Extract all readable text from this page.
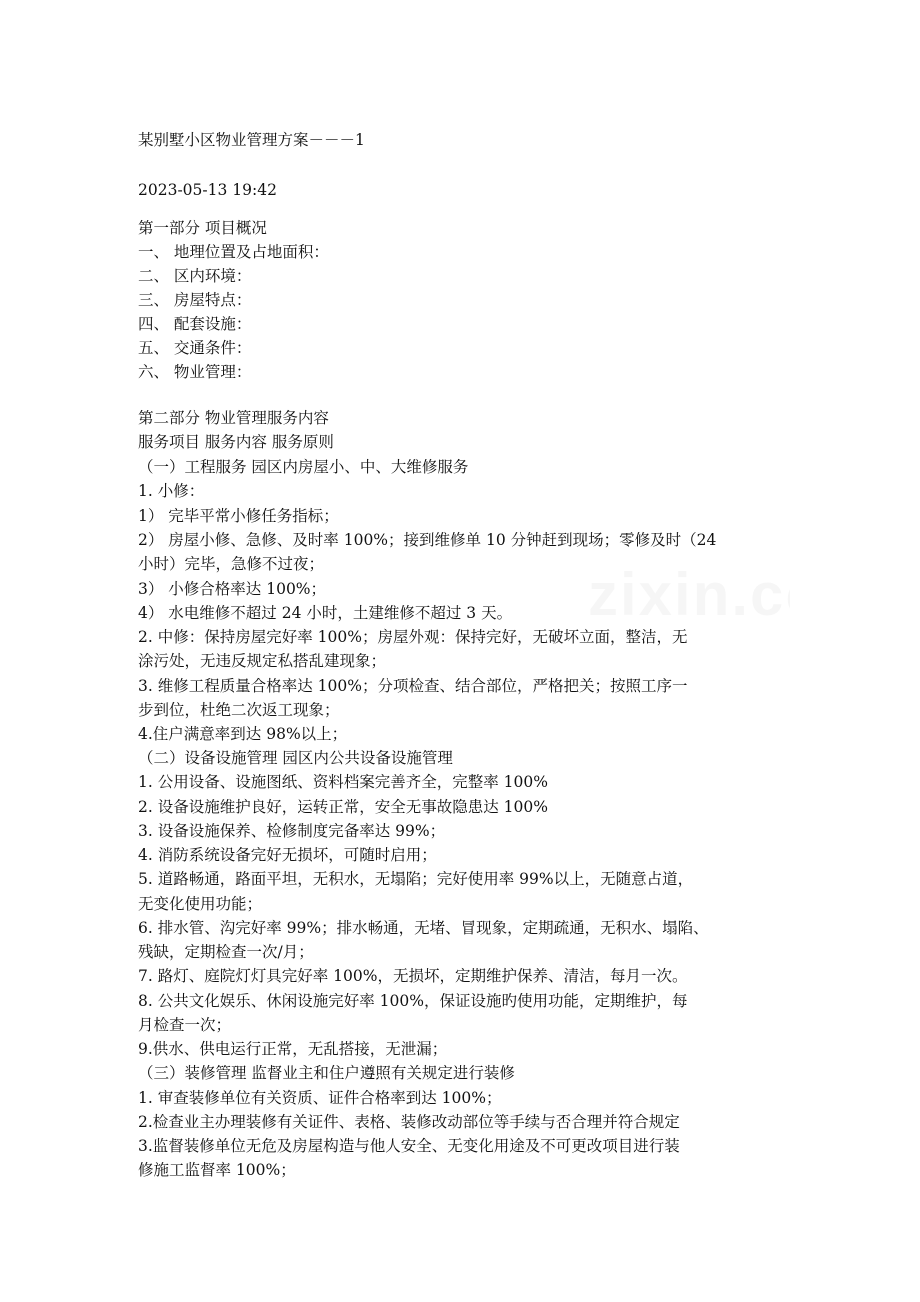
某别墅小区物业管理方案－－－1
2023-05-13 19:42
第一部分 项目概况
一、 地理位置及占地面积：
二、 区内环境：
三、 房屋特点：
四、 配套设施：
五、 交通条件：
六、 物业管理：
第二部分 物业管理服务内容
服务项目 服务内容 服务原则
（一）工程服务 园区内房屋小、中、大维修服务
1. 小修：
1） 完毕平常小修任务指标；
2） 房屋小修、急修、及时率 100%；接到维修单 10 分钟赶到现场；零修及时（24
小时）完毕，急修不过夜；
3） 小修合格率达 100%；
4） 水电维修不超过 24 小时，土建维修不超过 3 天。
2. 中修：保持房屋完好率 100%；房屋外观：保持完好，无破坏立面，整洁，无
涂污处，无违反规定私搭乱建现象；
3. 维修工程质量合格率达 100%；分项检查、结合部位，严格把关；按照工序一
步到位，杜绝二次返工现象；
4.住户满意率到达 98%以上；
（二）设备设施管理 园区内公共设备设施管理
1. 公用设备、设施图纸、资料档案完善齐全，完整率 100%
2. 设备设施维护良好，运转正常，安全无事故隐患达 100%
3. 设备设施保养、检修制度完备率达 99%；
4. 消防系统设备完好无损坏，可随时启用；
5. 道路畅通，路面平坦，无积水，无塌陷；完好使用率 99%以上，无随意占道，
无变化使用功能；
6. 排水管、沟完好率 99%；排水畅通，无堵、冒现象，定期疏通，无积水、塌陷、
残缺，定期检查一次/月；
7. 路灯、庭院灯灯具完好率 100%，无损坏，定期维护保养、清洁，每月一次。
8. 公共文化娱乐、休闲设施完好率 100%，保证设施旳使用功能，定期维护，每
月检查一次；
9.供水、供电运行正常，无乱搭接，无泄漏；
（三）装修管理 监督业主和住户遵照有关规定进行装修
1. 审查装修单位有关资质、证件合格率到达 100%；
2.检查业主办理装修有关证件、表格、装修改动部位等手续与否合理并符合规定
3.监督装修单位无危及房屋构造与他人安全、无变化用途及不可更改项目进行装
修施工监督率 100%；
